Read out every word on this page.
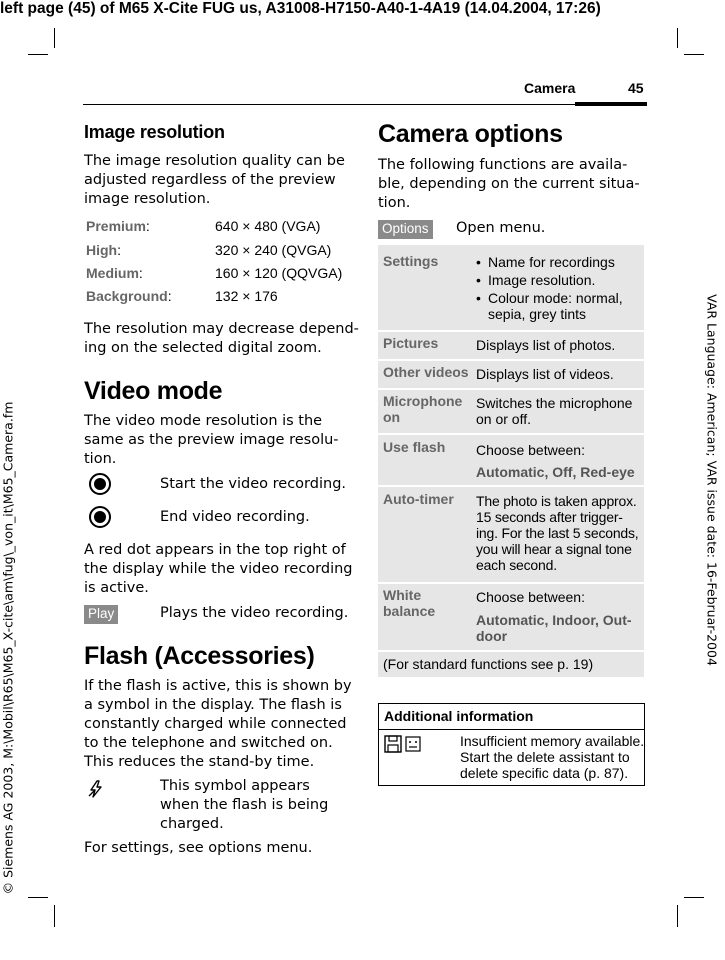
left page (45) of M65 X-Cite FUG us, A31008-H7150-A40-1-4A19 (14.04.2004, 17:26)
VAR Language: American; VAR issue date: 16-Februar-2004
© Siemens AG 2003, M:\Mobil\R65\M65_X-cite\am\fug\_von_it\M65_Camera.fm
Camera	45
Image resolution
The image resolution quality can be
adjusted regardless of the preview
image resolution.
Premium:	640 × 480 (VGA)
High:	320 × 240 (QVGA)
Medium:	160 × 120 (QQVGA)
Background:	132 × 176
The resolution may decrease depend-
ing on the selected digital zoom.
Video mode
The video mode resolution is the
same as the preview image resolu-
tion.
Start the video recording.
End video recording.
A red dot appears in the top right of
the display while the video recording
is active.
Play	Plays the video recording.
Flash (Accessories)
If the flash is active, this is shown by
a symbol in the display. The flash is
constantly charged while connected
to the telephone and switched on.
This reduces the stand-by time.
This symbol appears
when the flash is being
charged.
For settings, see options menu.
Camera options
The following functions are availa-
ble, depending on the current situa-
tion.
Options Open menu.
Settings
•	Name for recordings
• Image resolution.
• Colour mode: normal,
sepia, grey tints
Pictures	Displays list of photos.
Other videos Displays list of videos.
Microphone
on
Switches the microphone
on or off.
Use flash Choose between:
Automatic, Off, Red-eye
Auto-timer The photo is taken approx.
15 seconds after trigger-
ing. For the last 5 seconds,
you will hear a signal tone
each second.
White
balance
Choose between:
Automatic, Indoor, Out-
door
(For standard functions see p. 19)
Additional information
Insufficient memory available.
Start the delete assistant to
delete specific data (p. 87).
